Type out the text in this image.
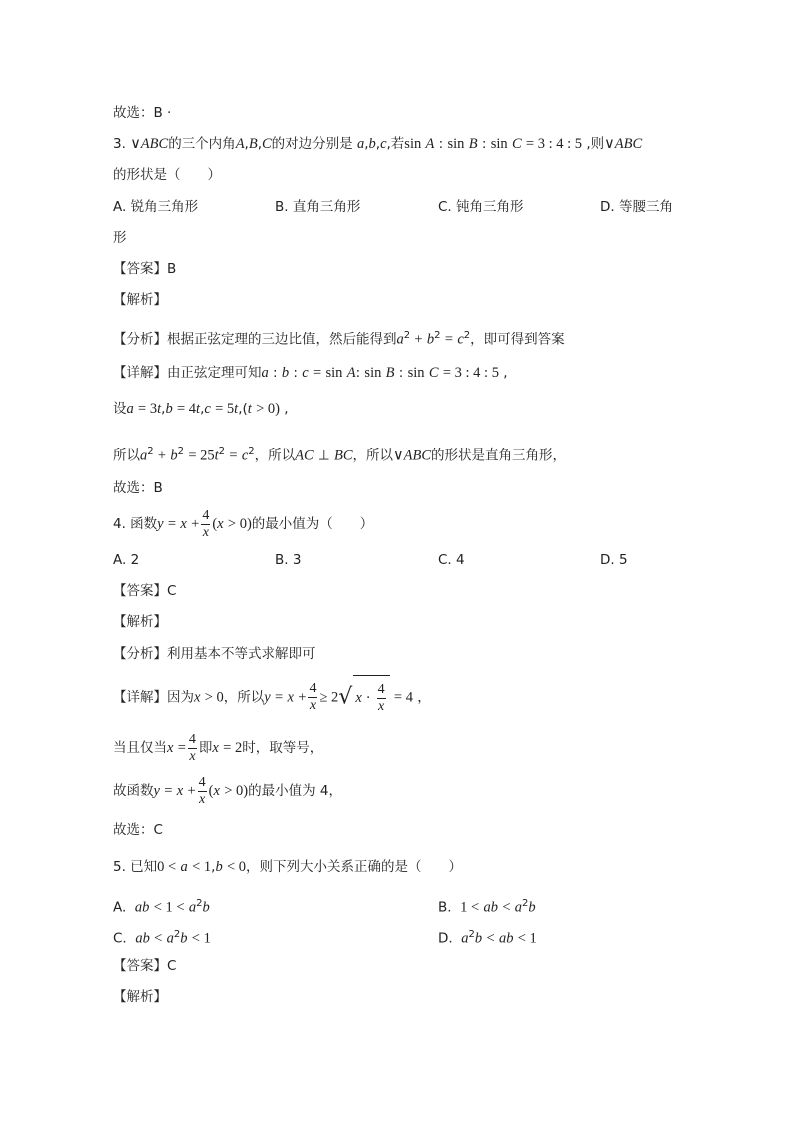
故选：B ·
3. ∨ABC的三个内角A,B,C的对边分别是 a,b,c,若sin A : sin B : sin C = 3 : 4 : 5 ,则∨ABC
的形状是（　　）
A. 锐角三角形	B. 直角三角形	C. 钝角三角形	D. 等腰三角
形
【答案】B
【解析】
【分析】根据正弦定理的三边比值，然后能得到$a^2 + b^2 = c^2$，即可得到答案
【详解】由正弦定理可知a : b : c = sin A: sin B : sin C = 3 : 4 : 5 ,
设a = 3t,b = 4t,c = 5t,(t > 0) ,
所以$a^2 + b^2 = 25t^2 = c^2$，所以AC ⊥ BC，所以∨ABC的形状是直角三角形，
故选：B
4. 函数$y = x + \frac{4}{x} (x > 0)$的最小值为（　　）
A. 2	B. 3	C. 4	D. 5
【答案】C
【解析】
【分析】利用基本不等式求解即可
【详解】因为x > 0，所以$y = x + \frac{4}{x} \ge 2√$ $x \cdot \frac{4}{x} = 4$ ，
当且仅当$x = \frac{4}{x}$ 即x = 2时，取等号，
故函数$y = x + \frac{4}{x} (x > 0)$的最小值为 4，
故选：C
5. 已知0 < a < 1,b < 0，则下列大小关系正确的是（　　）
A. ab < $1 < a^2b$	B. 1 < ab < $a^2b$
C. ab < $a^2b < 1$	D. $a^2b$ < ab < 1
【答案】C
【解析】
